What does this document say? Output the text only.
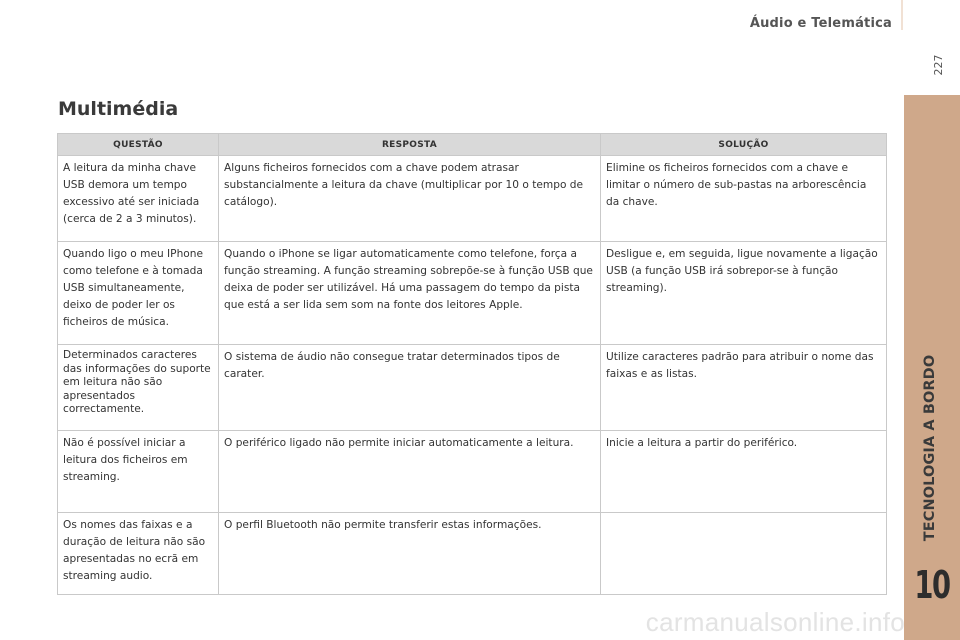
Áudio e Telemática
227
TECNOLOGIA A BORDO
10
Multimédia
QUESTÃO	RESPOSTA	SOLUÇÃO
A leitura da minha chave USB demora um tempo excessivo até ser iniciada (cerca de 2 a 3 minutos).	Alguns ficheiros fornecidos com a chave podem atrasar substancialmente a leitura da chave (multiplicar por 10 o tempo de catálogo).	Elimine os ficheiros fornecidos com a chave e limitar o número de sub-pastas na arborescência da chave.
Quando ligo o meu IPhone como telefone e à tomada USB simultaneamente, deixo de poder ler os ficheiros de música.	Quando o iPhone se ligar automaticamente como telefone, força a função streaming. A função streaming sobrepõe-se à função USB que deixa de poder ser utilizável. Há uma passagem do tempo da pista que está a ser lida sem som na fonte dos leitores Apple.	Desligue e, em seguida, ligue novamente a ligação USB (a função USB irá sobrepor-se à função streaming).
Determinados caracteres das informações do suporte em leitura não são apresentados correctamente.	O sistema de áudio não consegue tratar determinados tipos de carater.	Utilize caracteres padrão para atribuir o nome das faixas e as listas.
Não é possível iniciar a leitura dos ficheiros em streaming.	O periférico ligado não permite iniciar automaticamente a leitura.	Inicie a leitura a partir do periférico.
Os nomes das faixas e a duração de leitura não são apresentadas no ecrã em streaming audio.	O perfil Bluetooth não permite transferir estas informações.	
carmanualsonline.info
